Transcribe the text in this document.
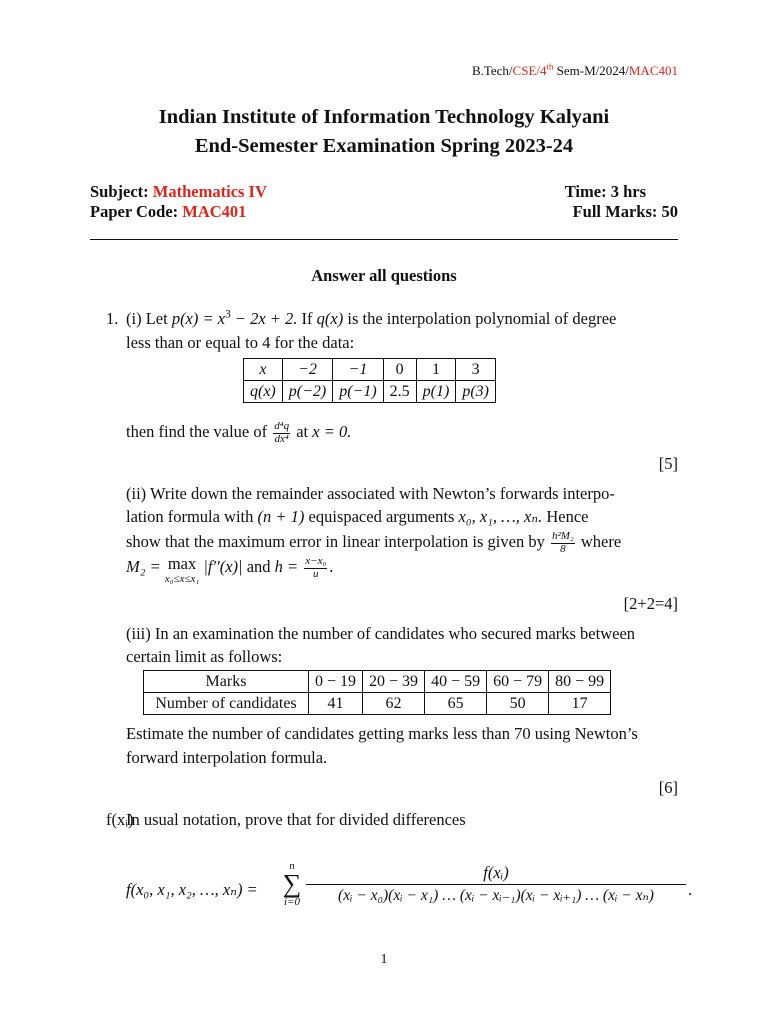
B.Tech/CSE/4th Sem-M/2024/MAC401
Indian Institute of Information Technology Kalyani
End-Semester Examination Spring 2023-24
Subject: Mathematics IV
Paper Code: MAC401
Time: 3 hrs
Full Marks: 50
Answer all questions
1. (i) Let $p(x) = x^3 - 2x + 2$. If q(x) is the interpolation polynomial of degree
less than or equal to 4 for the data:
x	−2	−1	0	1	3
q(x)	p(−2)	p(−1)	2.5	p(1)	p(3)
then find the value of $\frac{\text{d⁴q}}{\text{dx⁴}}$ at x = 0.
[5]
(ii) Write down the remainder associated with Newton’s forwards interpo-
lation formula with (n + 1) equispaced arguments x₀, x₁, …, xₙ. Hence
show that the maximum error in linear interpolation is given by $\frac{\text{h²M₂}}{8}$ where
M₂ = max
x₀≤x≤x₁
|f′′(x)| and $h = \frac{\text{x−x₀}}{u}$ .
[2+2=4]
(iii) In an examination the number of candidates who secured marks between
certain limit as follows:
Marks	0 − 19	20 − 39	40 − 59	60 − 79	80 − 99
Number of candidates	41	62	65	50	17
Estimate the number of candidates getting marks less than 70 using Newton’s
forward interpolation formula.
[6]
f(xᵢ)
In usual notation, prove that for divided differences
f(x₀, x₁, x₂, …, xₙ) =
n
∑
i=0
f(xᵢ)
(xᵢ − x₀)(xᵢ − x₁) … (xᵢ − xᵢ₋₁)(xᵢ − xᵢ₊₁) … (xᵢ − xₙ)	.
1
